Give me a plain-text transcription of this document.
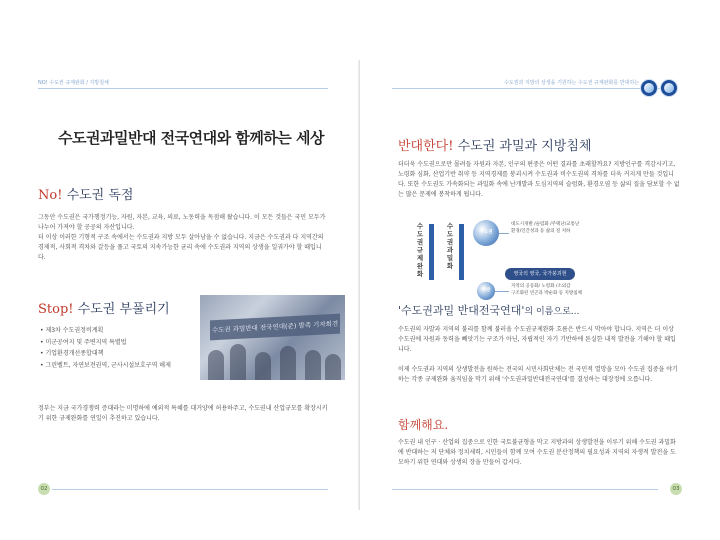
NO! 수도권 규제완화 / 지방침체
수도권과밀반대 전국연대와 함께하는 세상
No! 수도권 독점

그동안 수도권은 국가행정기능, 자원, 자본, 교육, 의료, 노동력을 독점해 왔습니다. 이 모든 것들은 국민 모두가 나누어 가져야 할 공공의 자산입니다.

더 이상 이러한 기형적 구조 속에서는 수도권과 지방 모두 살아남을 수 없습니다. 지금은 수도권과 다 지역간의 경제적, 사회적 격차와 갈등을 풀고 국토의 지속가능한 균리 속에 수도권과 지역의 상생을 일궈가야 할 때입니다.

Stop! 수도권 부풀리기
• 제3차 수도권정비계획
• 미군공여지 및 주변지역 특별법
• 기업환경개선종합대책
• 그린벨트, 자연보전권역, 군사시설보호구역 해제
수도권 과밀반대 전국연대(준) 발족 기자회견
정부는 지금 국가경쟁력 증대라는 미명하에 예외적 특혜를 대거양에 허용하주고, 수도권내 산업규모를 확장시키기 위한 규제완화를 연일이 추진하고 있습니다.
02
수도권과 지방의 상생을 기원하는 수도권 규제완화를 반대하는
반대한다! 수도권 과밀과 지방침체
더더욱 수도권으로만 몰려들 자원과 자본, 인구의 편중은 어떤 결과를 초래할까요? 지방인구를 격감시키고, 노령화 심화, 산업기반 취약 등 지역경제를 붕괴시켜 수도권과 비수도권의 격차를 더욱 커지게 만들 것입니다. 또한 수도권도 가속화되는 과밀화 속에 난개발과 도심지역의 슬럼화, 환경오염 등 삶의 질을 담보할 수 없는 많은 문제에 봉착하게 됩니다.
'수도권과밀 반대전국연대'의 이름으로...

수도권의 자발과 지역의 불리를 함께 불러올 수도권규제완화 흐름은 반드시 막아야 합니다. 지역은 더 이상 수도권에 자원과 동력을 빼앗기는 구조가 아닌, 자립적인 자기 기반하에 튼실한 내적 발전을 기해야 할 때입니다.

이제 수도권과 지역의 상생발전을 원하는 전국의 시민사회단체는 전 국민적 열망을 모아 수도권 집중을 야기하는 각종 규제완화 움직임을 막기 위해 '수도권과밀반대전국연대'를 결성하는 대장정에 오릅니다.

함께해요.
수도권 내 인구 · 산업의 집중으로 인한 국토불균형을 막고 지방과의 상생발전을 이루기 위해 수도권 과밀화에 반대하는 저 단체와 정치세력, 시민들이 함께 모여 수도권 분산정책의 필요성과 지역의 자생적 발전을 도모하기 위한 연대와 상생의 장을 만들어 갑시다.
03
수도권규제완화
수도권과밀화
수도권
지방
대도시개발 /슬럼화 /주택난/교통난
환경/인간성과 등 삶의 질 저하
영국의 영국, 국가붕괴현
지역의 공동화/ 노령화 /소외감
구조화된 빈곤과 박순화 등 지방침체
